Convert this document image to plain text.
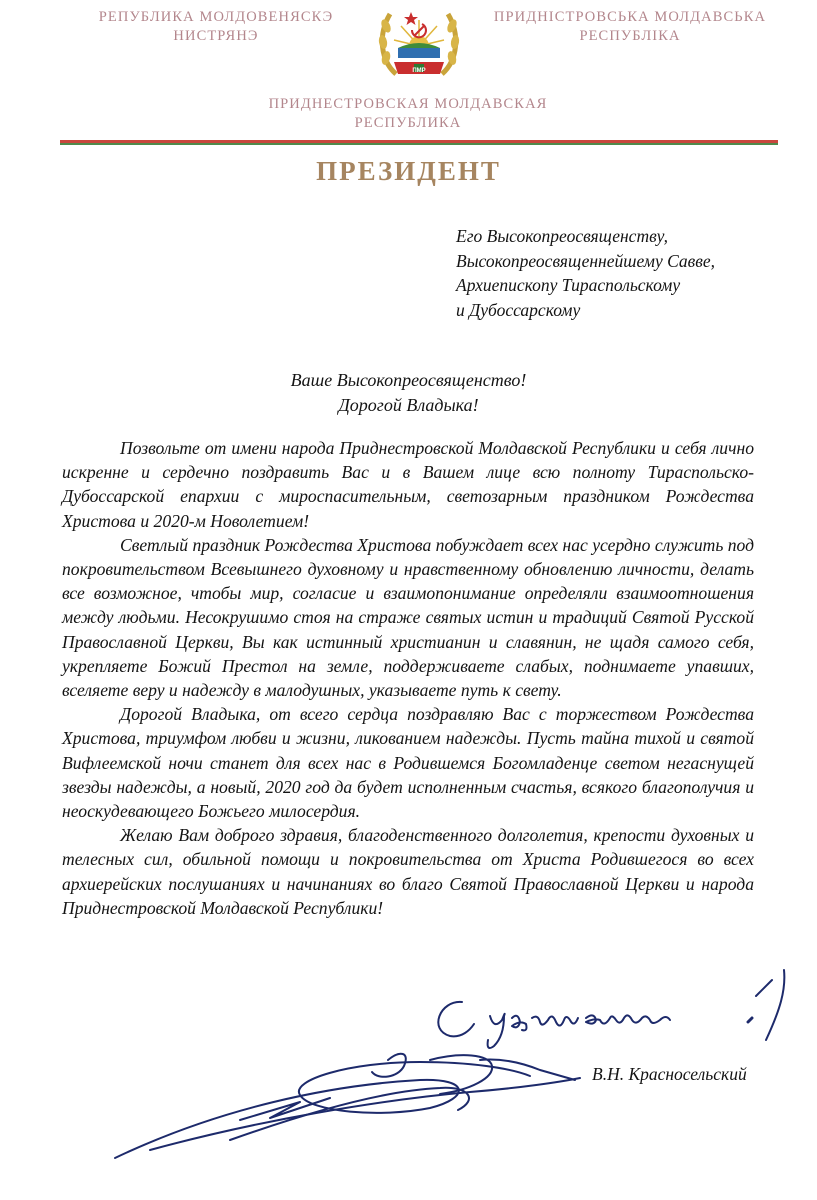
РЕПУБЛИКА МОЛДОВЕНЯСКЭ
НИСТРЯНЭ
ПМР
ПРИДНІСТРОВСЬКА МОЛДАВСЬКА
РЕСПУБЛІКА
ПРИДНЕСТРОВСКАЯ МОЛДАВСКАЯ
РЕСПУБЛИКА
ПРЕЗИДЕНТ
Его Высокопреосвященству,
Высокопреосвященнейшему Савве,
Архиепископу Тираспольскому
и Дубоссарскому
Ваше Высокопреосвященство!
Дорогой Владыка!

Позвольте от имени народа Приднестровской Молдавской Республики и себя лично искренне и сердечно поздравить Вас и в Вашем лице всю полноту Тираспольско-Дубоссарской епархии с мироспасительным, светозарным праздником Рождества Христова и 2020-м Новолетием!

Светлый праздник Рождества Христова побуждает всех нас усердно служить под покровительством Всевышнего духовному и нравственному обновлению личности, делать все возможное, чтобы мир, согласие и взаимопонимание определяли взаимоотношения между людьми. Несокрушимо стоя на страже святых истин и традиций Святой Русской Православной Церкви, Вы как истинный христианин и славянин, не щадя самого себя, укрепляете Божий Престол на земле, поддерживаете слабых, поднимаете упавших, вселяете веру и надежду в малодушных, указываете путь к свету.

Дорогой Владыка, от всего сердца поздравляю Вас с торжеством Рождества Христова, триумфом любви и жизни, ликованием надежды. Пусть тайна тихой и святой Вифлеемской ночи станет для всех нас в Родившемся Богомладенце светом негаснущей звезды надежды, а новый, 2020 год да будет исполненным счастья, всякого благополучия и неоскудевающего Божьего милосердия.

Желаю Вам доброго здравия, благоденственного долголетия, крепости духовных и телесных сил, обильной помощи и покровительства от Христа Родившегося во всех архиерейских послушаниях и начинаниях во благо Святой Православной Церкви и народа Приднестровской Молдавской Республики!

В.Н. Красносельский
